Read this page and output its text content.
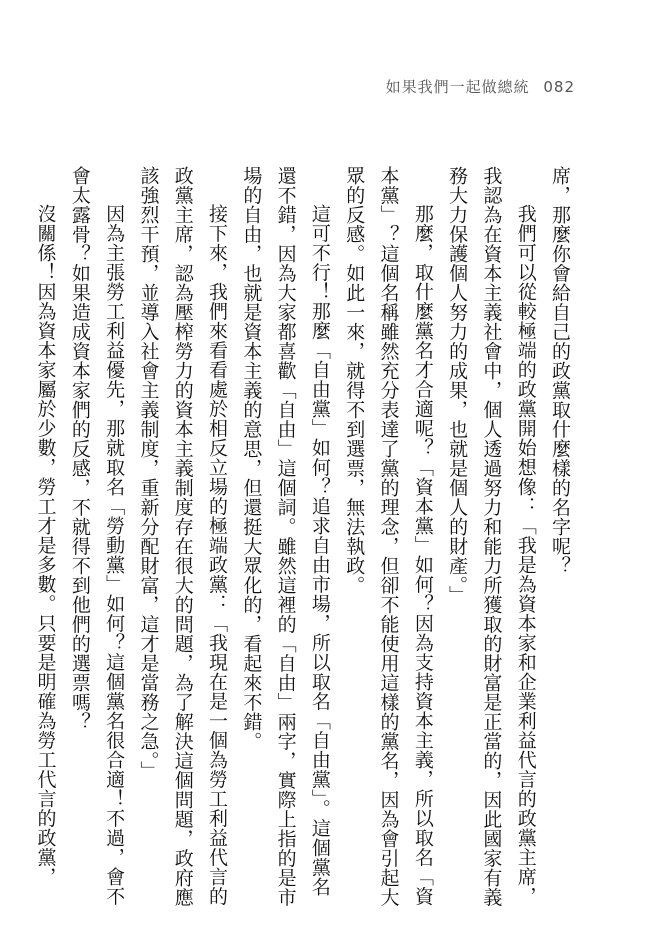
如果我們一起做總統 082

席，那麼你會給自己的政黨取什麼樣的名字呢？

我們可以從較極端的政黨開始想像：「我是為資本家和企業利益代言的政黨主席，

我認為在資本主義社會中，個人透過努力和能力所獲取的財富是正當的，因此國家有義

務大力保護個人努力的成果，也就是個人的財產。」

那麼，取什麼黨名才合適呢？「資本黨」如何？因為支持資本主義，所以取名「資

本黨」？這個名稱雖然充分表達了黨的理念，但卻不能使用這樣的黨名，因為會引起大

眾的反感。如此一來，就得不到選票，無法執政。

這可不行！那麼「自由黨」如何？追求自由市場，所以取名「自由黨」。這個黨名

還不錯，因為大家都喜歡「自由」這個詞。雖然這裡的「自由」兩字，實際上指的是市

場的自由，也就是資本主義的意思，但還挺大眾化的，看起來不錯。

接下來，我們來看看處於相反立場的極端政黨：「我現在是一個為勞工利益代言的

政黨主席，認為壓榨勞力的資本主義制度存在很大的問題，為了解決這個問題，政府應

該強烈干預，並導入社會主義制度，重新分配財富，這才是當務之急。」

因為主張勞工利益優先，那就取名「勞動黨」如何？這個黨名很合適！不過，會不

會太露骨？如果造成資本家們的反感，不就得不到他們的選票嗎？

沒關係！因為資本家屬於少數，勞工才是多數。只要是明確為勞工代言的政黨，
